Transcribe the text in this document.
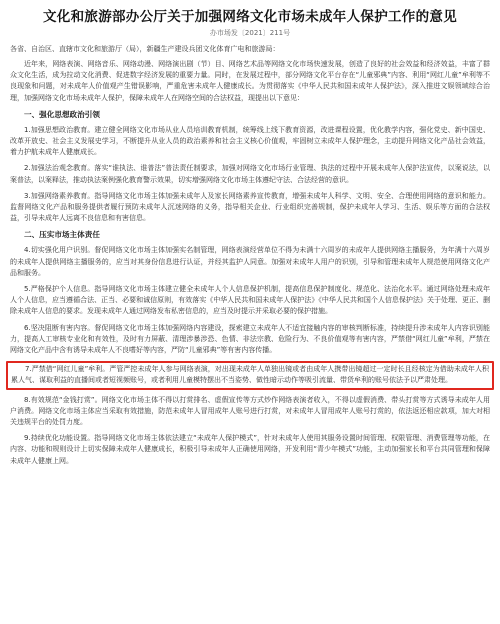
文化和旅游部办公厅关于加强网络文化市场未成年人保护工作的意见
办市场发〔2021〕211号
各省、自治区、直辖市文化和旅游厅（局），新疆生产建设兵团文化体育广电和旅游局：

近年来，网络表演、网络音乐、网络动漫、网络演出剧（节）目、网络艺术品等网络文化市场快速发展，创造了良好的社会效益和经济效益，丰富了群众文化生活，成为拉动文化消费、促进数字经济发展的重要力量。同时，在发展过程中，部分网络文化平台存在“儿童邪典”内容、利用“网红儿童”牟利等不良现象和问题，对未成年人价值观产生错误影响，严重危害未成年人健康成长。为贯彻落实《中华人民共和国未成年人保护法》，深入推进文娱领域综合治理，加强网络文化市场未成年人保护，保障未成年人在网络空间的合法权益，现提出以下意见：

一、强化思想政治引领

1.加强思想政治教育。建立健全网络文化市场从业人员培训教育机制，统筹线上线下教育资源，改进课程设置，优化教学内容，强化党史、新中国史、改革开放史、社会主义发展史学习，不断提升从业人员的政治素养和社会主义核心价值观，牢固树立未成年人保护理念，主动提升网络文化产品社会效益，着力护航未成年人健康成长。

2.加强法治观念教育。落实“谁执法、谁普法”普法责任制要求，加强对网络文化市场行业管理、执法的过程中开展未成年人保护法宣传，以案说法，以案普法，以案释法，推动执法案例强化教育警示效果，切实增强网络文化市场主体遵纪守法、合法经营的意识。

3.加强网络素养教育。指导网络文化市场主体加强未成年人及家长网络素养宣传教育，增强未成年人科学、文明、安全、合理使用网络的意识和能力。监督网络文化产品和服务提供者履行预防未成年人沉迷网络的义务，指导相关企业、行业组织完善规制，保护未成年人学习、生活、娱乐等方面的合法权益，引导未成年人远离不良信息和有害信息。

二、压实市场主体责任

4.切实强化用户识别。督促网络文化市场主体加强实名制管理，网络表演经营单位不得为未满十六周岁的未成年人提供网络主播服务，为年满十六周岁的未成年人提供网络主播服务的，应当对其身份信息进行认证，并经其监护人同意。加强对未成年人用户的识别，引导和管理未成年人规范使用网络文化产品和服务。

5.严格保护个人信息。指导网络文化市场主体建立健全未成年人个人信息保护机制，提高信息保护制度化、规范化、法治化水平。通过网络处理未成年人个人信息，应当遵循合法、正当、必要和诚信原则，有效落实《中华人民共和国未成年人保护法》《中华人民共和国个人信息保护法》关于处理、更正、删除未成年人信息的要求。发现未成年人通过网络发布私密信息的，应当及时提示并采取必要的保护措施。

6.坚决阻断有害内容。督促网络文化市场主体加强网络内容建设，探索建立未成年人不适宜接触内容的审核判断标准，持续提升涉未成年人内容识别能力，提高人工审核专业化和有效性，及时有力屏蔽、清理涉暴涉恐、色情、非法宗教、危险行为、不良价值观等有害内容，严禁借“网红儿童”牟利，严禁在网络文化产品中含有诱导未成年人不良嗜好等内容，严防“儿童邪典”等有害内容传播。

7.严禁借“网红儿童”牟利。严管严控未成年人参与网络表演，对出现未成年人单独出镜或者由成年人携带出镜超过一定时长且经核定为借助未成年人积累人气、谋取利益的直播间或者短视频账号，或者利用儿童模特摆出不当姿势、做性暗示动作等吸引流量、带货牟利的账号依法予以严肃处理。

8.有效规范“金钱打赏”。网络文化市场主体不得以打赏排名、虚假宣传等方式炒作网络表演者收入，不得以虚假消费、带头打赏等方式诱导未成年人用户消费。网络文化市场主体应当采取有效措施，防范未成年人冒用成年人账号进行打赏，对未成年人冒用成年人账号打赏的，依法返还相应款项，加大对相关违规平台的处罚力度。

9.持续优化功能设置。指导网络文化市场主体依法建立“未成年人保护模式”，针对未成年人使用其服务设置时间管理、权限管理、消费管理等功能，在内容、功能和规则设计上切实保障未成年人健康成长，积极引导未成年人正确使用网络，开发利用“青少年模式”功能，主动加强家长和平台共同管理和保障未成年人健康上网。
